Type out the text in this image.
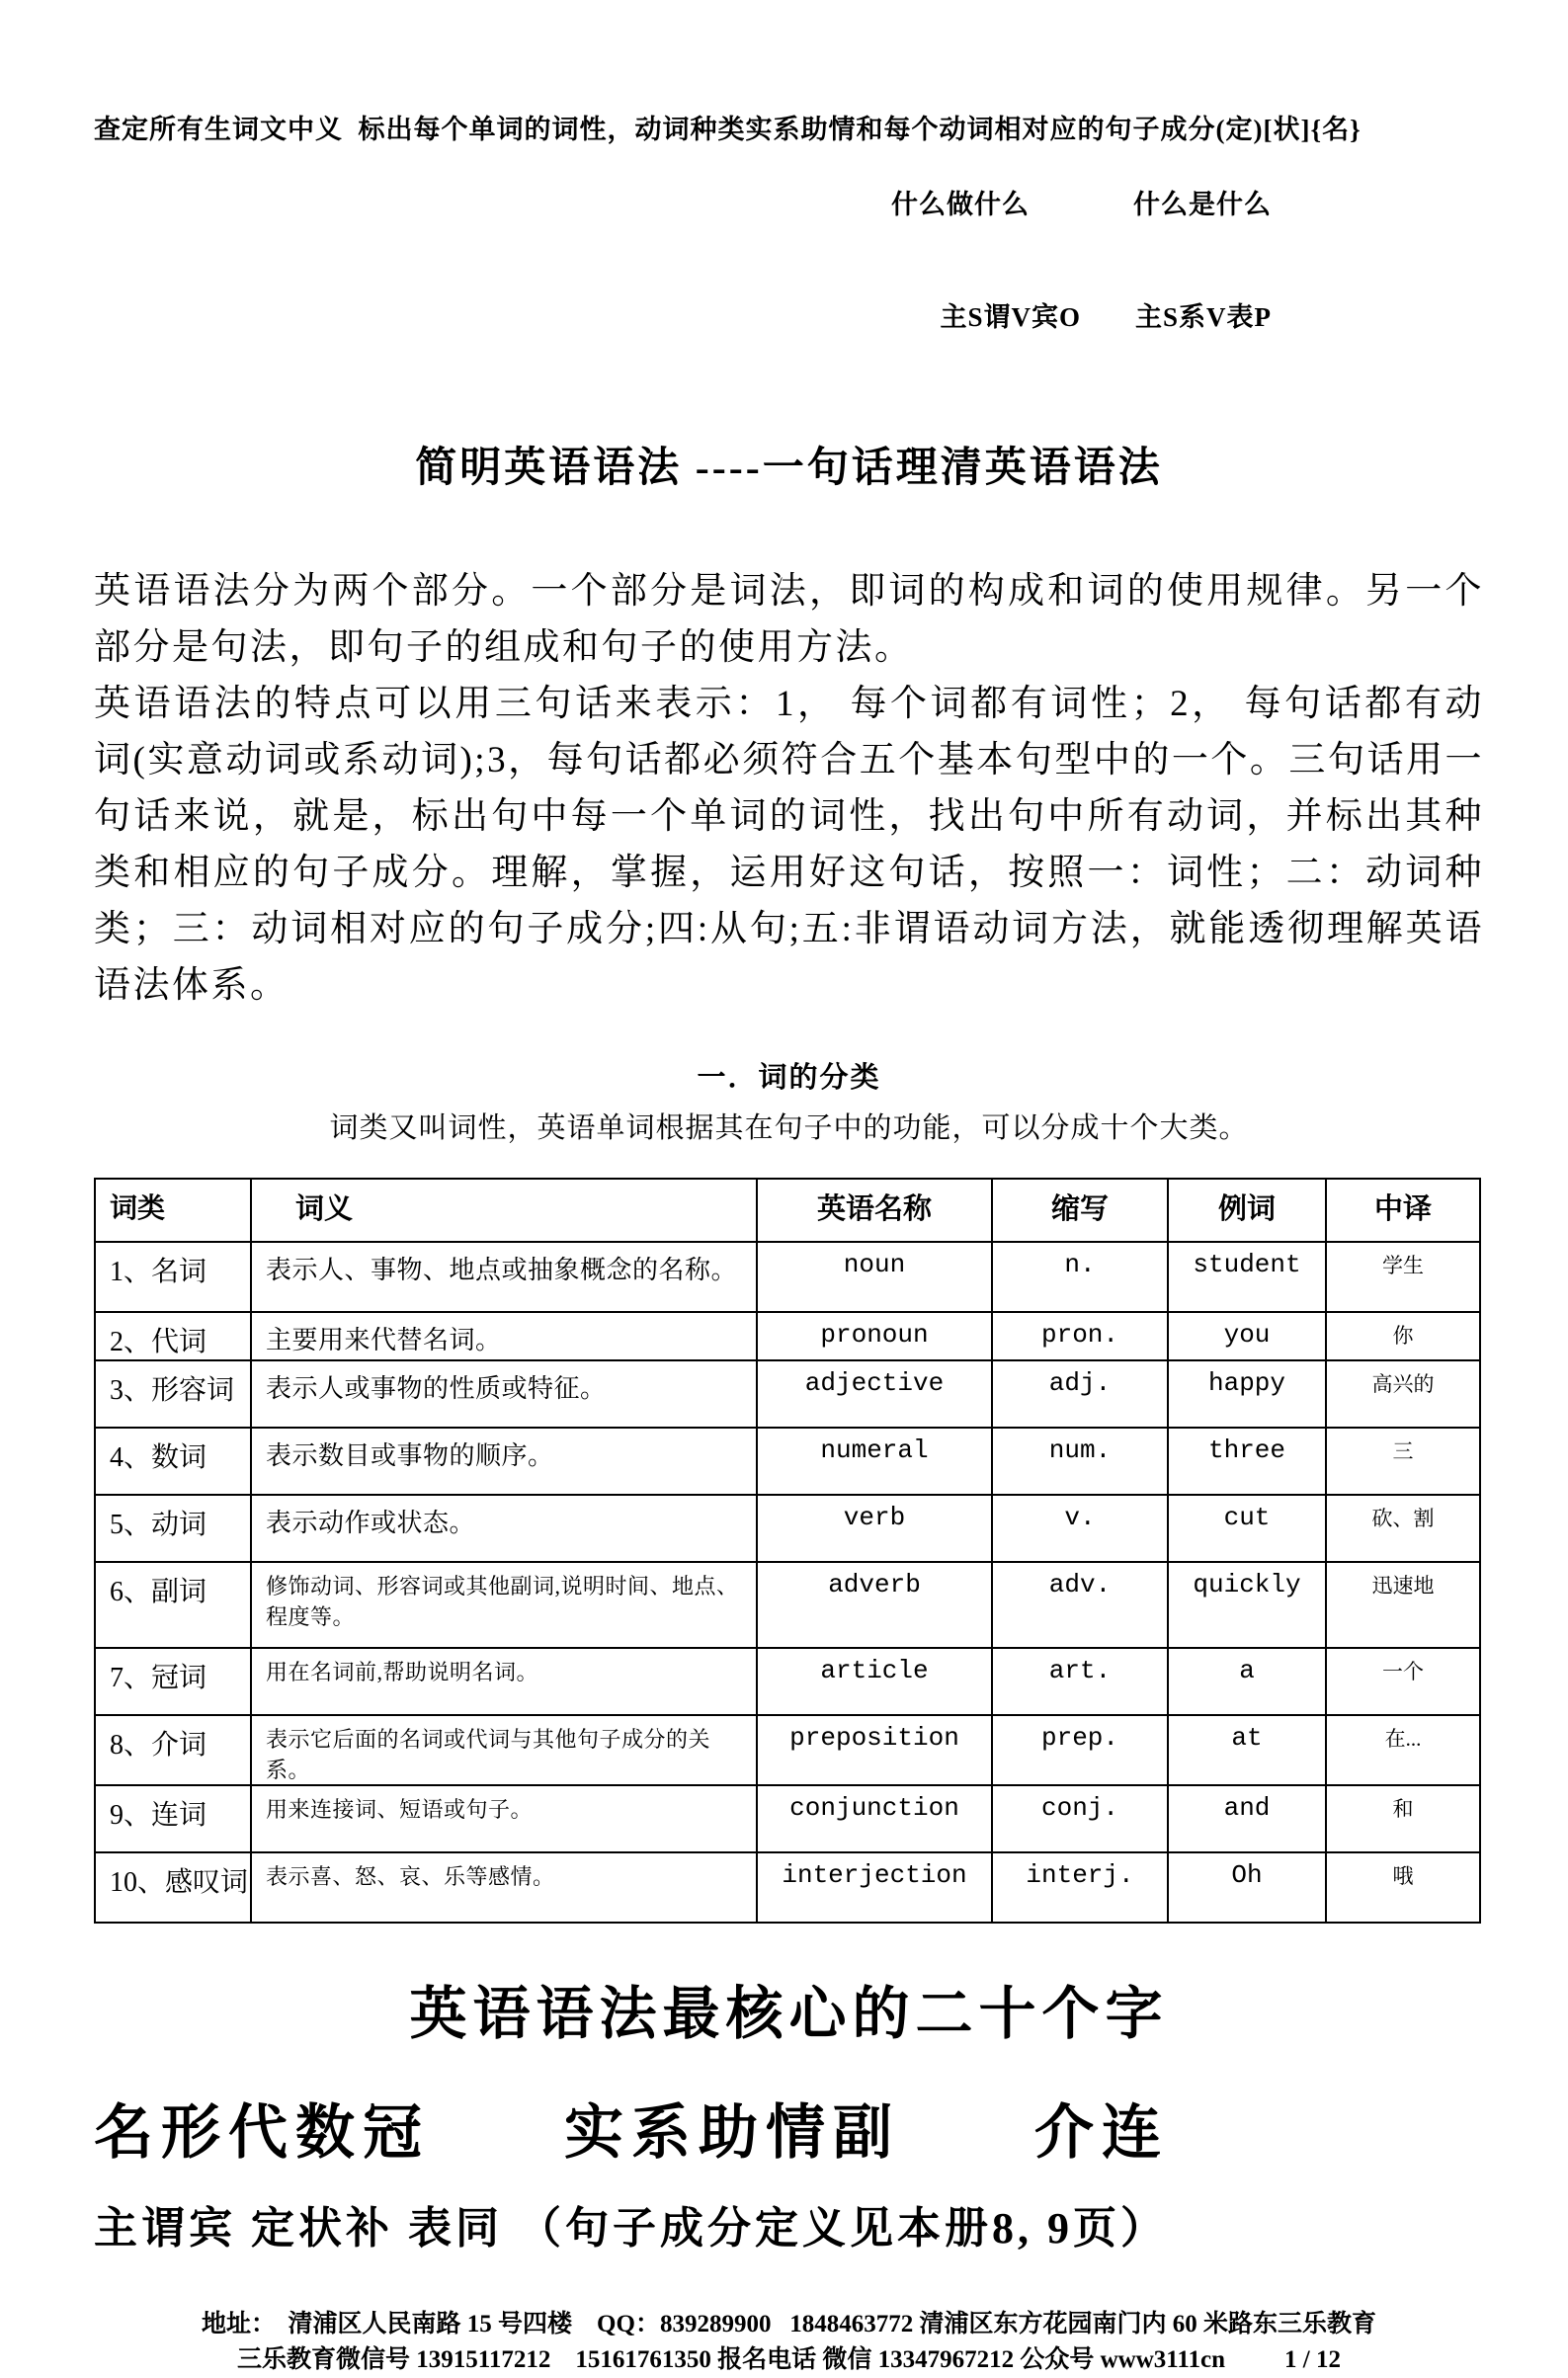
查定所有生词文中义  标出每个单词的词性，动词种类实系助情和每个动词相对应的句子成分(定)[状]{名}

什么做什么	什么是什么

主S谓V宾O 主S系V表P

简明英语语法 ----一句话理清英语语法

英语语法分为两个部分。一个部分是词法，即词的构成和词的使用规律。另一个部分是句法，即句子的组成和句子的使用方法。

英语语法的特点可以用三句话来表示：1， 每个词都有词性；2， 每句话都有动词(实意动词或系动词);3，每句话都必须符合五个基本句型中的一个。三句话用一句话来说，就是，标出句中每一个单词的词性，找出句中所有动词，并标出其种类和相应的句子成分。理解，掌握，运用好这句话，按照一：词性；二：动词种类；三：动词相对应的句子成分;四:从句;五:非谓语动词方法，就能透彻理解英语语法体系。

一．词的分类
词类又叫词性，英语单词根据其在句子中的功能，可以分成十个大类。
词类	词义	英语名称	缩写	例词	中译
1、名词	表示人、事物、地点或抽象概念的名称。	noun	n.	student	学生
2、代词	主要用来代替名词。	pronoun	pron.	you	你
3、形容词	表示人或事物的性质或特征。	adjective	adj.	happy	高兴的
4、数词	表示数目或事物的顺序。	numeral	num.	three	三
5、动词	表示动作或状态。	verb	v.	cut	砍、割
6、副词	修饰动词、形容词或其他副词,说明时间、地点、程度等。	adverb	adv.	quickly	迅速地
7、冠词	用在名词前,帮助说明名词。	article	art.	a	一个
8、介词	表示它后面的名词或代词与其他句子成分的关系。	preposition	prep.	at	在...
9、连词	用来连接词、短语或句子。	conjunction	conj.	and	和
10、感叹词	表示喜、怒、哀、乐等感情。	interjection	interj.	Oh	哦
英语语法最核心的二十个字
名形代数冠　　实系助情副　　介连
主谓宾 定状补 表同 （句子成分定义见本册8, 9页）
地址：  清浦区人民南路 15 号四楼    QQ：839289900   1848463772 清浦区东方花园南门内 60 米路东三乐教育
三乐教育微信号 13915117212    15161761350 报名电话 微信 13347967212 公众号 www3111cn 1 / 12
